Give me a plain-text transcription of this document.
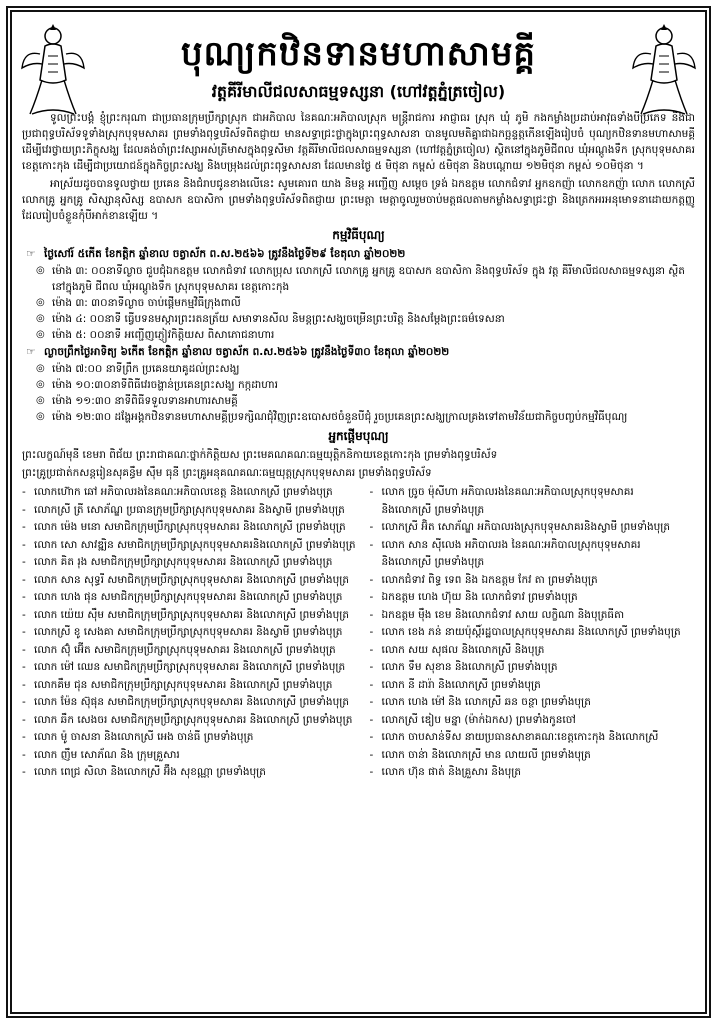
បុណ្យកឋិនទានមហាសាមគ្គី
វត្តគីរីមាលីជលសាធម្មទស្សនា (ហៅវត្តភ្នំត្រចៀល)

ទូលព្រះបង្គំ ខ្ញុំព្រះករុណា ជាប្រធានក្រុមប្រឹក្សាស្រុក ជាអភិបាល នៃគណៈអភិបាលស្រុក មន្ត្រីរាជការ អាជ្ញាធរ ស្រុក ឃុំ ភូមិ កងកម្លាំងប្រដាប់អាវុធទាំងបីប្រភេទ និងជាប្រជាពុទ្ធបរិស័ទទូទាំងស្រុកបុទុមសាគរ ព្រមទាំងពុទ្ធបរិស័ទពិតជ្ញាយ មានសទ្ធាជ្រះថ្លាក្នុងព្រះពុទ្ធសាសនា បានមូលមតិគ្នាជាឯកច្ឆន្ទត្តកើនឡើងរៀបចំ បុណ្យកឋិនទានមហាសាមគ្គី ដើម្បីវេរថ្វាយព្រះភិក្ខុសង្ឃ ដែលគង់ចាំព្រះវស្សាអស់ត្រីមាសក្នុងពុទ្ធសីមា វត្តគីរីមាលីជលសាធម្មទស្សនា (ហៅវត្តភ្នំត្រចៀល) ស្ថិតនៅក្នុងភូមិជីពល ឃុំអណ្តូងទឹក ស្រុកបុទុមសាគរ ខេត្តកោះកុង ដើម្បីជាប្រយោជន៍ក្នុងកិច្ចព្រះសង្ឃ និងបម្រុងដល់ព្រះពុទ្ធសាសនា ដែលមានថ្ងៃ ៥ មិថុនា កម្ពស់ ៥មិថុនា និងបណ្តោយ ១២មិថុនា កម្ពស់ ១០មិថុនា ។

អាស្រ័យដូចបានទូលថ្វាយ ប្រគេន និងជំរាបជូនខាងលើនេះ សូមគោរព យាង និមន្ត អញ្ជើញ សម្តេច ទ្រង់ ឯកឧត្តម លោកជំទាវ អ្នកឧកញ៉ា លោកឧកញ៉ា លោក លោកស្រី លោកគ្រូ អ្នកគ្រូ សិស្សានុសិស្ស ឧបាសក ឧបាសិកា ព្រមទាំងពុទ្ធបរិស័ទពិតជ្ញាយ ព្រះមេត្តា មេត្តាចូលរួមចាប់មត្តផលតាមកម្លាំងសទ្ធាជ្រះថ្លា និងត្រេកអរអនុមោទនាដោយកត្តញ្ញូដែលរៀបចំខ្លួនកុំបីអាក់ខានឡើយ ។

កម្មវិធីបុណ្យ
☞ ថ្ងៃសៅរ៍ ៥កើត ខែកត្តិក ឆ្នាំខាល ចត្វាស័ក ព.ស.២៥៦៦ ត្រូវនឹងថ្ងៃទី២៩ ខែតុលា ឆ្នាំ២០២២
◎ ម៉ោង ៣: ០០នាទីល្ងាច ជួបជុំឯកឧត្តម លោកជំទាវ លោកប្រុស លោកស្រី លោកគ្រូ អ្នកគ្រូ ឧបាសក ឧបាសិកា និងពុទ្ធបរិស័ទ ក្នុង វត្ត គីរីមាលីជលសាធម្មទស្សនា ស្ថិតនៅក្នុងភូមិ ជីពល ឃុំអណ្តូងទឹក ស្រុកបុទុមសាគរ ខេត្តកោះកុង
◎ ម៉ោង ៣: ៣០នាទីល្ងាច ចាប់ផ្តើមកម្មវិធីក្រុងពាលី
◎ ម៉ោង ៤: ០០នាទី ធ្វើបទនមស្ការព្រះរតនត្រ័យ សមាទានសីល និមន្តព្រះសង្ឃចម្រើនព្រះបរិត្ត និងសម្តែងព្រះធម៌ទេសនា
◎ ម៉ោង ៥: ០០នាទី អញ្ជើញភ្ញៀវកិត្តិយស ពិសាភោជនាហារ
☞ ល្ងាចព្រឹកថ្ងៃអាទិត្យ ៦កើត ខែកត្តិក ឆ្នាំខាល ចត្វាស័ក ព.ស.២៥៦៦ ត្រូវនឹងថ្ងៃទី៣០ ខែតុលា ឆ្នាំ២០២២
◎ ម៉ោង ៧:០០ នាទីព្រឹក ប្រគេនយាគូដល់ព្រះសង្ឃ
◎ ម៉ោង ១០:៣០នាទីពិធីវេរចង្ហាន់ប្រគេនព្រះសង្ឃ កក្កដាហារ
◎ ម៉ោង ១១:៣០ នាទីពិធីទទួលទានអាហារសាមគ្គី
◎ ម៉ោង ១២:៣០ ដង្ហែអង្គកឋិនទានមហាសាមគ្គីប្រទក្សិណជុំវិញព្រះឧបោសថចំនួនបីជុំ រួចប្រគេនព្រះសង្ឃក្រាលគ្រងទៅតាមវិន័យជាកិច្ចបញ្ចប់កម្មវិធីបុណ្យ
អ្នកផ្តើមបុណ្យ

ព្រះលក្ខណ៍មុនី ខេមរា ពិជ័យ ព្រះរាជាគណៈថ្នាក់កិត្តិយស ព្រះមេគណគណៈធម្មយុត្តិកនិកាយខេត្តកោះកុង ព្រមទាំងពុទ្ធបរិស័ទ

ព្រះគ្រូប្រជាត់កសន្តរៀនសុគន្ធឹម ស៊ឹម ធុនី ព្រះគ្រូអនុគណគណៈធម្មយុត្តស្រុកបុទុមសាគរ ព្រមទាំងពុទ្ធបរិស័ទ

- លោកហ៊ោក ឆៅ អភិបាលរងនៃគណៈអភិបាលខេត្ត និងលោកស្រី ព្រមទាំងបុត្រ
- លោកស្រី ត្រី សោភ័ណ្ឌ ប្រធានក្រុមប្រឹក្សាស្រុកបុទុមសាគរ និងស្វាមី ព្រមទាំងបុត្រ
- លោក ម៉េង មនោ សមាជិកក្រុមប្រឹក្សាស្រុកបុទុមសាគរ និងលោកស្រី ព្រមទាំងបុត្រ
- លោក សោ សាវឌ្ឍិន សមាជិកក្រុមប្រឹក្សាស្រុកបុទុមសាគរនិងលោកស្រី ព្រមទាំងបុត្រ
- លោក គិត រុង សមាជិកក្រុមប្រឹក្សាស្រុកបុទុមសាគរ និងលោកស្រី ព្រមទាំងបុត្រ
- លោក សាន សុទ្ធរី សមាជិកក្រុមប្រឹក្សាស្រុកបុទុមសាគរ និងលោកស្រី ព្រមទាំងបុត្រ
- លោក ហេង ផុន សមាជិកក្រុមប្រឹក្សាស្រុកបុទុមសាគរ និងលោកស្រី ព្រមទាំងបុត្រ
- លោក យ៉េយ ស៊ឹម សមាជិកក្រុមប្រឹក្សាស្រុកបុទុមសាគរ និងលោកស្រី ព្រមទាំងបុត្រ
- លោកស្រី ខូ សេងគា សមាជិកក្រុមប្រឹក្សាស្រុកបុទុមសាគរ និងស្វាមី ព្រមទាំងបុត្រ
- លោក ស៊ុំ អ៊ើត សមាជិកក្រុមប្រឹក្សាស្រុកបុទុមសាគរ និងលោកស្រី ព្រមទាំងបុត្រ
- លោក ម៉ៅ ឈេន សមាជិកក្រុមប្រឹក្សាស្រុកបុទុមសាគរ និងលោកស្រី ព្រមទាំងបុត្រ
- លោកគឹម ជុន សមាជិកក្រុមប្រឹក្សាស្រុកបុទុមសាគរ និងលោកស្រី ព្រមទាំងបុត្រ
- លោក ម៉ែន ស៊ុផុន សមាជិកក្រុមប្រឹក្សាស្រុកបុទុមសាគរ និងលោកស្រី ព្រមទាំងបុត្រ
- លោក ឆឹក សេងចរ សមាជិកក្រុមប្រឹក្សាស្រុកបុទុមសាគរ និងលោកស្រី ព្រមទាំងបុត្រ
- លោក ម៉ូ ចាសនា និងលោកស្រី អេង ចាន់ធី ព្រមទាំងបុត្រ
- លោក ញឹម សោភ័ណ និង ក្រុមគ្រួសារ
- លោក ពេជ្រ សិលា និងលោកស្រី អ៊ឹង សុខណ្ណា ព្រមទាំងបុត្រ
- លោក ច្រូច ម៉ុសីហា អភិបាលរងនៃគណៈអភិបាលស្រុកបុទុមសាគរ
និងលោកស្រី ព្រមទាំងបុត្រ
- លោកស្រី អ៊ិត សោភ័ណ្ឌ អភិបាលរងស្រុកបុទុមសាគរនិងស្វាមី ព្រមទាំងបុត្រ
- លោក សាន ស៊ីលេង អភិបាលរង នៃគណៈអភិបាលស្រុកបុទុមសាគរ
និងលោកស្រី ព្រមទាំងបុត្រ
- លោកជំទាវ ពិទ្ធ ទេព និង ឯកឧត្តម កែវ តា ព្រមទាំងបុត្រ
- ឯកឧត្តម ហេង ហ៊ុយ និង លោកជំទាវ ព្រមទាំងបុត្រ
- ឯកឧត្តម ម៉ឹង ខេម និងលោកជំទាវ សាយ លក្ខិណា និងបុត្រធីតា
- លោក ខេង ភន់ នាយប៉ុស្តិ៍រដ្ឋបាលស្រុកបុទុមសាគរ និងលោកស្រី ព្រមទាំងបុត្រ
- លោក សយ សុផល និងលោកស្រី និងបុត្រ
- លោក ទឹម សុខាន និងលោកស្រី ព្រមទាំងបុត្រ
- លោក នី ដារ៉ា និងលោកស្រី ព្រមទាំងបុត្រ
- លោក ហេង ម៉ៅ និង លោកស្រី ឆន ចន្ថា ព្រមទាំងបុត្រ
- លោកស្រី ឌៀប មន្នា (ម៉ាក់ឯកស) ព្រមទាំងកូនចៅ
- លោក ចាបសាន់ទីស នាយប្រធានសាខាគណៈខេត្តកោះកុង និងលោកស្រី
- លោក ចាន់ា និងលោកស្រី មាន លាយលី ព្រមទាំងបុត្រ
- លោក ហ៊ុន ផាត់ និងគ្រួសារ និងបុត្រ
